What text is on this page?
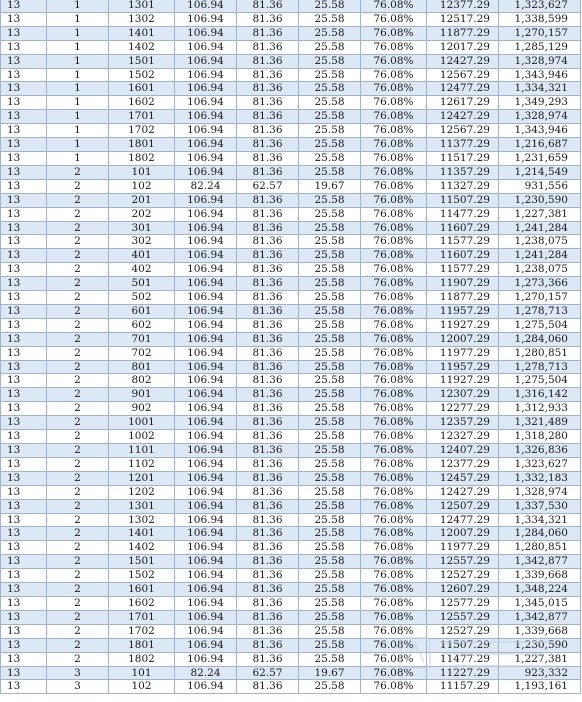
13	1	1301	106.94	81.36	25.58	76.08%	12377.29	1,323,627
13	1	1302	106.94	81.36	25.58	76.08%	12517.29	1,338,599
13	1	1401	106.94	81.36	25.58	76.08%	11877.29	1,270,157
13	1	1402	106.94	81.36	25.58	76.08%	12017.29	1,285,129
13	1	1501	106.94	81.36	25.58	76.08%	12427.29	1,328,974
13	1	1502	106.94	81.36	25.58	76.08%	12567.29	1,343,946
13	1	1601	106.94	81.36	25.58	76.08%	12477.29	1,334,321
13	1	1602	106.94	81.36	25.58	76.08%	12617.29	1,349,293
13	1	1701	106.94	81.36	25.58	76.08%	12427.29	1,328,974
13	1	1702	106.94	81.36	25.58	76.08%	12567.29	1,343,946
13	1	1801	106.94	81.36	25.58	76.08%	11377.29	1,216,687
13	1	1802	106.94	81.36	25.58	76.08%	11517.29	1,231,659
13	2	101	106.94	81.36	25.58	76.08%	11357.29	1,214,549
13	2	102	82.24	62.57	19.67	76.08%	11327.29	931,556
13	2	201	106.94	81.36	25.58	76.08%	11507.29	1,230,590
13	2	202	106.94	81.36	25.58	76.08%	11477.29	1,227,381
13	2	301	106.94	81.36	25.58	76.08%	11607.29	1,241,284
13	2	302	106.94	81.36	25.58	76.08%	11577.29	1,238,075
13	2	401	106.94	81.36	25.58	76.08%	11607.29	1,241,284
13	2	402	106.94	81.36	25.58	76.08%	11577.29	1,238,075
13	2	501	106.94	81.36	25.58	76.08%	11907.29	1,273,366
13	2	502	106.94	81.36	25.58	76.08%	11877.29	1,270,157
13	2	601	106.94	81.36	25.58	76.08%	11957.29	1,278,713
13	2	602	106.94	81.36	25.58	76.08%	11927.29	1,275,504
13	2	701	106.94	81.36	25.58	76.08%	12007.29	1,284,060
13	2	702	106.94	81.36	25.58	76.08%	11977.29	1,280,851
13	2	801	106.94	81.36	25.58	76.08%	11957.29	1,278,713
13	2	802	106.94	81.36	25.58	76.08%	11927.29	1,275,504
13	2	901	106.94	81.36	25.58	76.08%	12307.29	1,316,142
13	2	902	106.94	81.36	25.58	76.08%	12277.29	1,312,933
13	2	1001	106.94	81.36	25.58	76.08%	12357.29	1,321,489
13	2	1002	106.94	81.36	25.58	76.08%	12327.29	1,318,280
13	2	1101	106.94	81.36	25.58	76.08%	12407.29	1,326,836
13	2	1102	106.94	81.36	25.58	76.08%	12377.29	1,323,627
13	2	1201	106.94	81.36	25.58	76.08%	12457.29	1,332,183
13	2	1202	106.94	81.36	25.58	76.08%	12427.29	1,328,974
13	2	1301	106.94	81.36	25.58	76.08%	12507.29	1,337,530
13	2	1302	106.94	81.36	25.58	76.08%	12477.29	1,334,321
13	2	1401	106.94	81.36	25.58	76.08%	12007.29	1,284,060
13	2	1402	106.94	81.36	25.58	76.08%	11977.29	1,280,851
13	2	1501	106.94	81.36	25.58	76.08%	12557.29	1,342,877
13	2	1502	106.94	81.36	25.58	76.08%	12527.29	1,339,668
13	2	1601	106.94	81.36	25.58	76.08%	12607.29	1,348,224
13	2	1602	106.94	81.36	25.58	76.08%	12577.29	1,345,015
13	2	1701	106.94	81.36	25.58	76.08%	12557.29	1,342,877
13	2	1702	106.94	81.36	25.58	76.08%	12527.29	1,339,668
13	2	1801	106.94	81.36	25.58	76.08%	11507.29	1,230,590
13	2	1802	106.94	81.36	25.58	76.08%	11477.29	1,227,381
13	3	101	82.24	62.57	19.67	76.08%	11227.29	923,332
13	3	102	106.94	81.36	25.58	76.08%	11157.29	1,193,161
